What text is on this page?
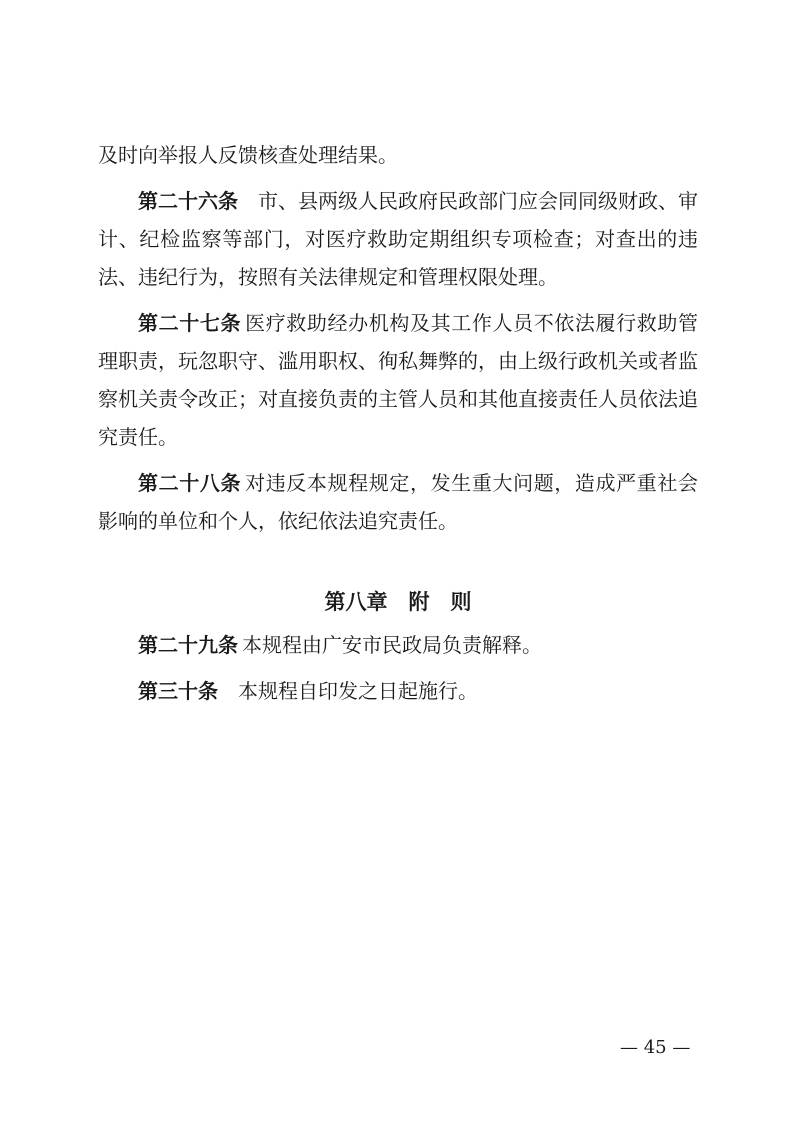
及时向举报人反馈核查处理结果。

第二十六条 市、县两级人民政府民政部门应会同同级财政、审计、纪检监察等部门，对医疗救助定期组织专项检查；对查出的违法、违纪行为，按照有关法律规定和管理权限处理。

第二十七条 医疗救助经办机构及其工作人员不依法履行救助管理职责，玩忽职守、滥用职权、徇私舞弊的，由上级行政机关或者监察机关责令改正；对直接负责的主管人员和其他直接责任人员依法追究责任。

第二十八条 对违反本规程规定，发生重大问题，造成严重社会影响的单位和个人，依纪依法追究责任。

第八章　附　则

第二十九条 本规程由广安市民政局负责解释。

第三十条 本规程自印发之日起施行。

— 45 —
